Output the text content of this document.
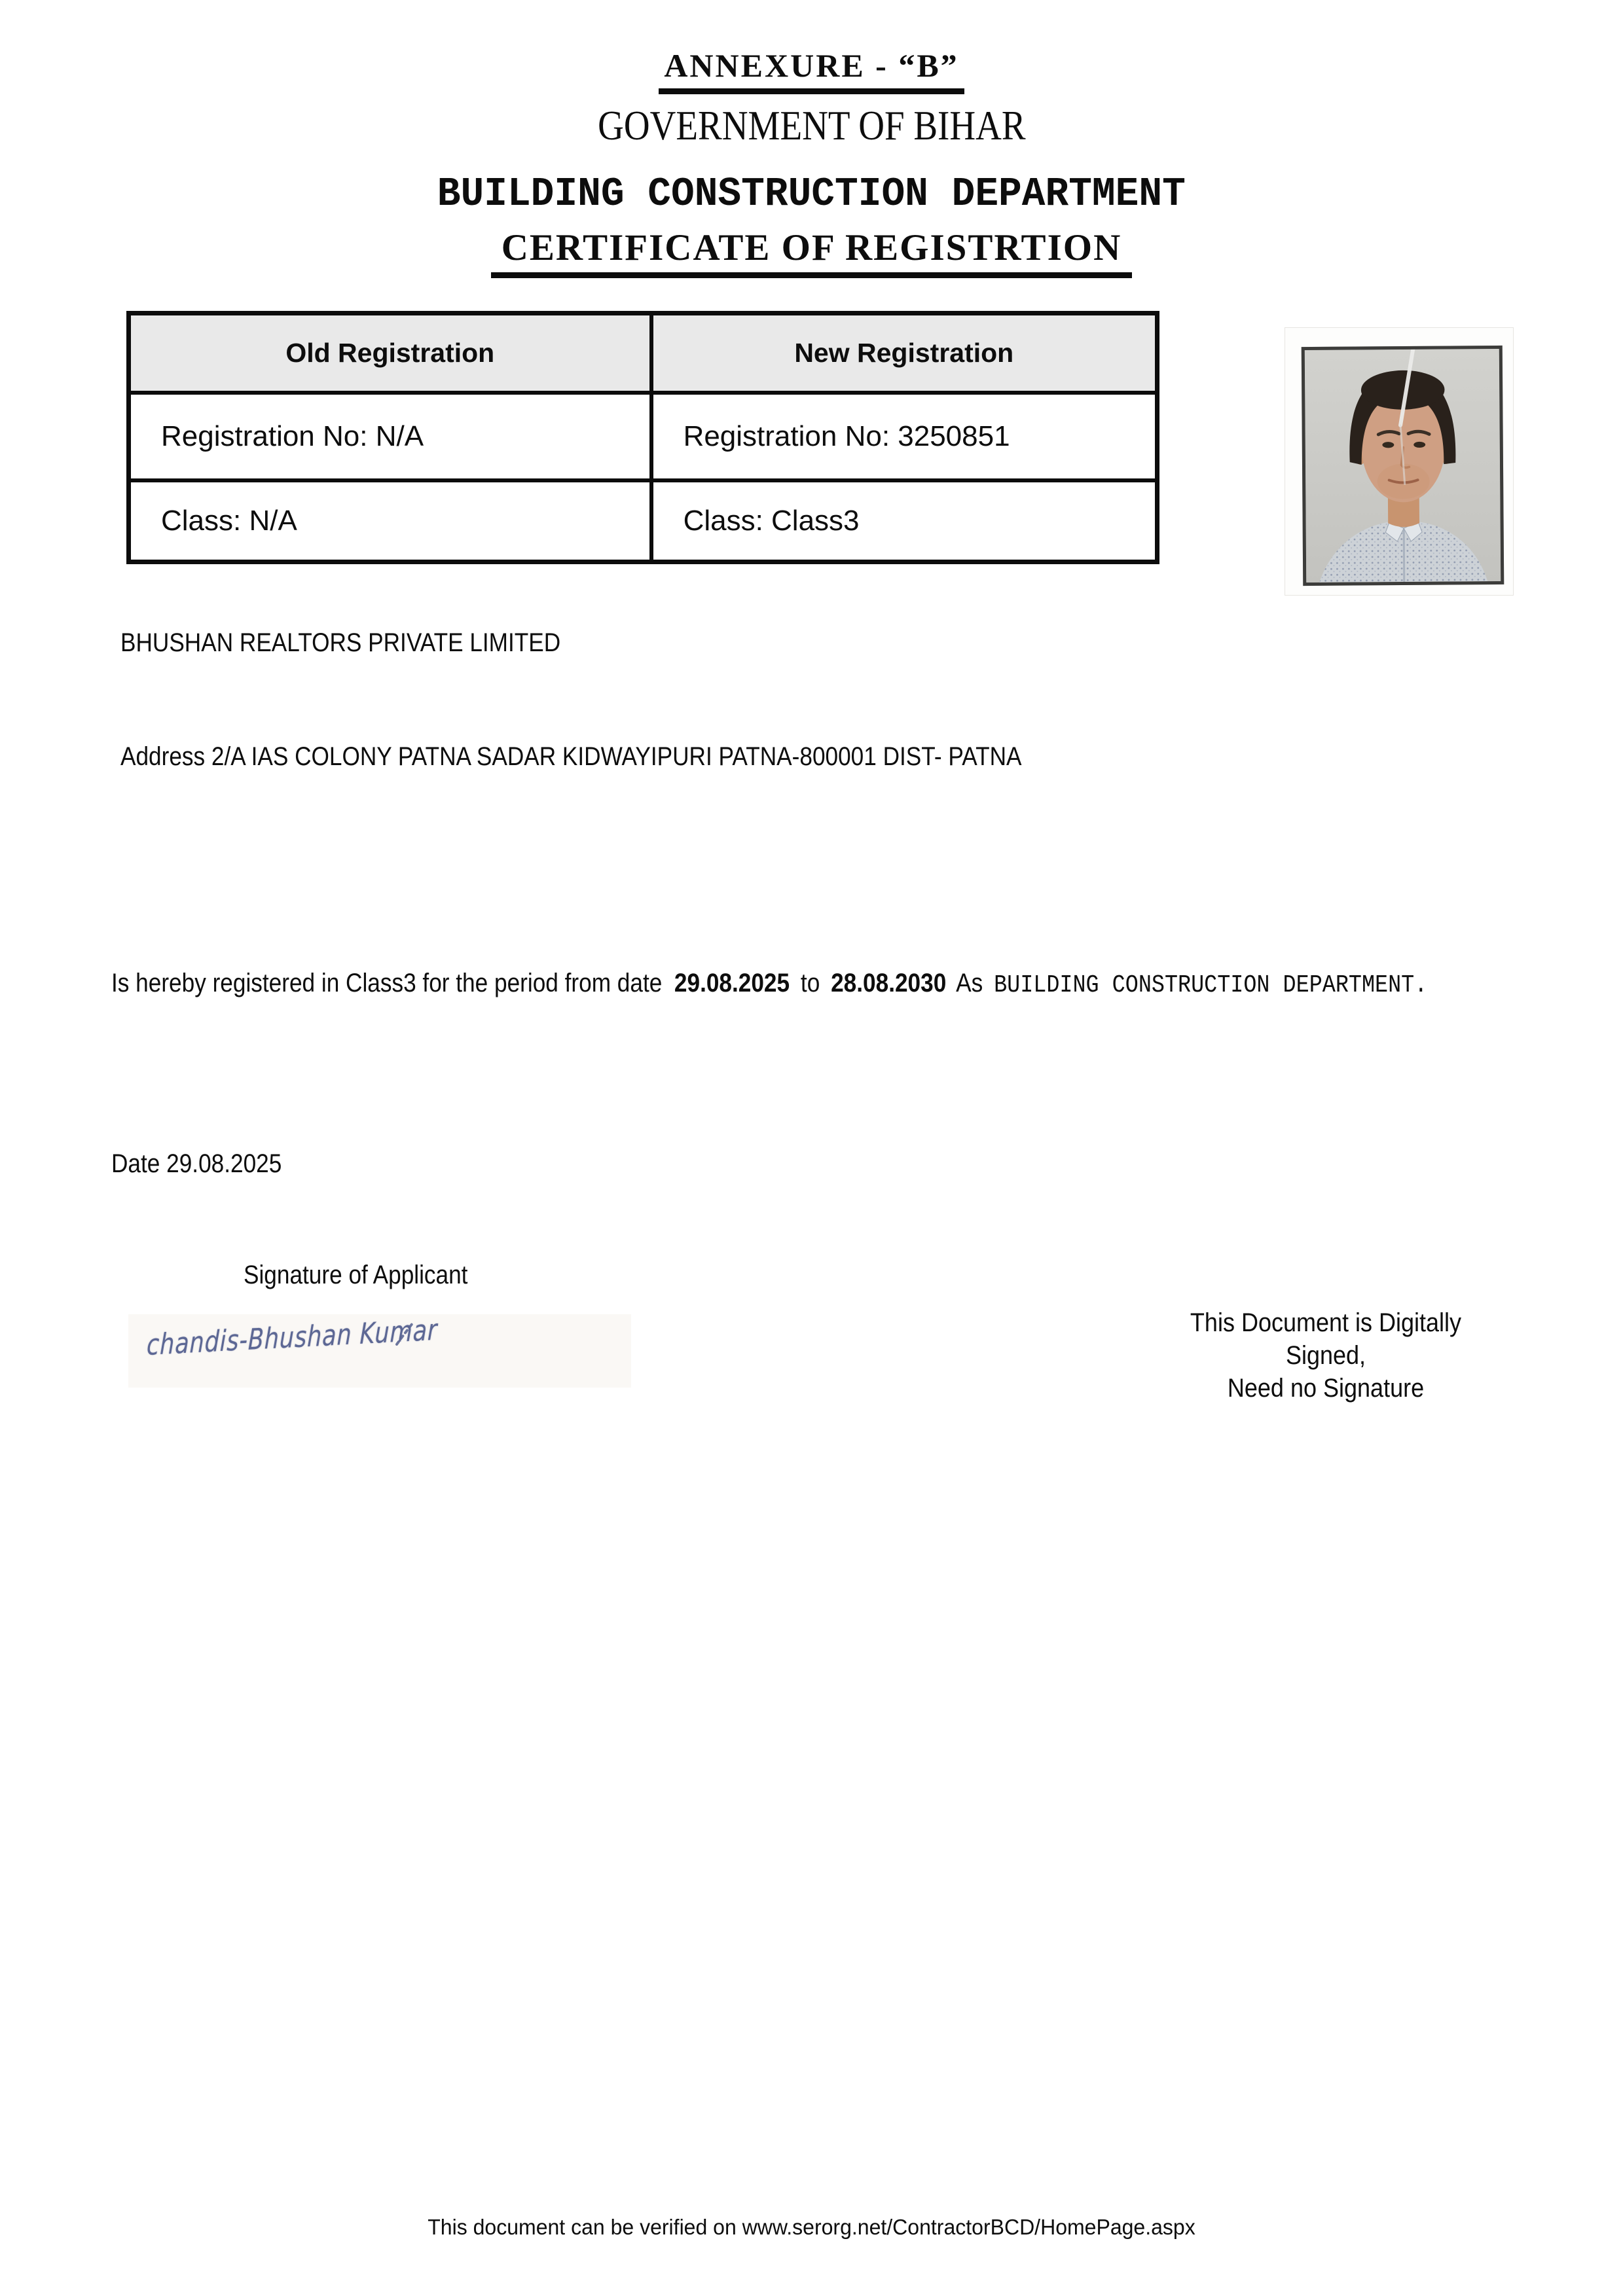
ANNEXURE - “B”
GOVERNMENT OF BIHAR
BUILDING CONSTRUCTION DEPARTMENT
CERTIFICATE OF REGISTRTION
Old Registration	New Registration
Registration No: N/A	Registration No: 3250851
Class: N/A	Class: Class3
BHUSHAN REALTORS PRIVATE LIMITED
Address 2/A IAS COLONY PATNA SADAR KIDWAYIPURI PATNA-800001 DIST- PATNA
Is hereby registered in Class3 for the period from date 29.08.2025 to 28.08.2030 As BUILDING CONSTRUCTION DEPARTMENT.
Date 29.08.2025
Signature of Applicant
chandis-Bhushan Kumar	This Document is Digitally
Signed,
Need no Signature
This document can be verified on www.serorg.net/ContractorBCD/HomePage.aspx
